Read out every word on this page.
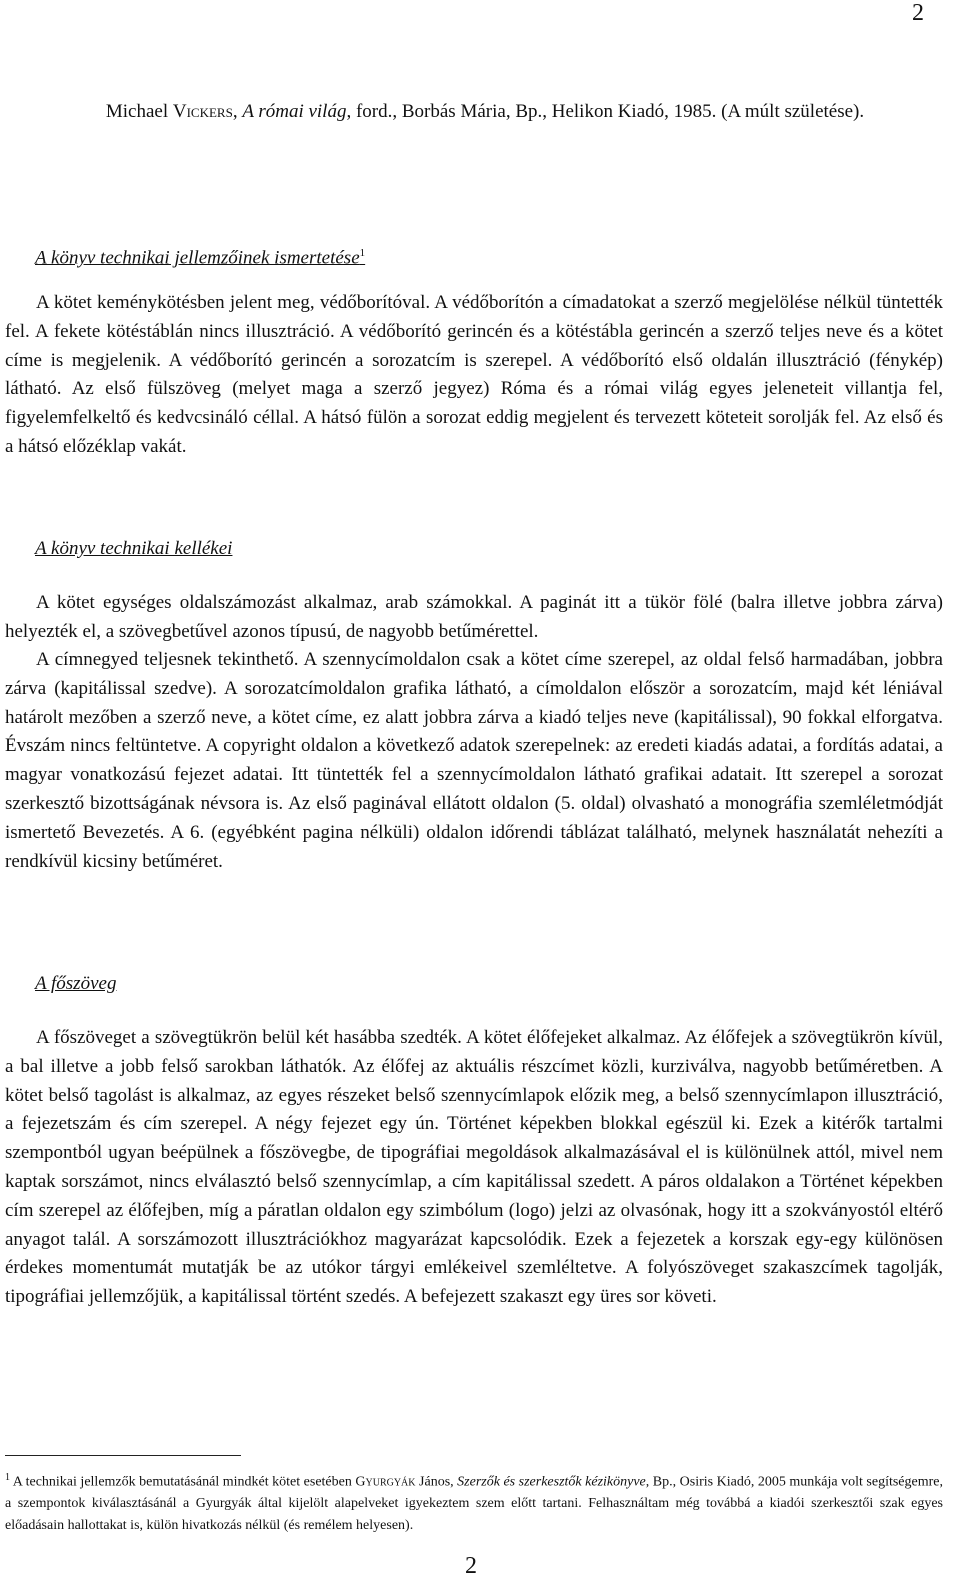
2
Michael Vickers, A római világ, ford., Borbás Mária, Bp., Helikon Kiadó, 1985. (A múlt születése).
A könyv technikai jellemzőinek ismertetése$^1$

A kötet keménykötésben jelent meg, védőborítóval. A védőborítón a címadatokat a szerző megjelölése nélkül tüntették fel. A fekete kötéstáblán nincs illusztráció. A védőborító gerincén és a kötéstábla gerincén a szerző teljes neve és a kötet címe is megjelenik. A védőborító gerincén a sorozatcím is szerepel. A védőborító első oldalán illusztráció (fénykép) látható. Az első fülszöveg (melyet maga a szerző jegyez) Róma és a római világ egyes jeleneteit villantja fel, figyelemfelkeltő és kedvcsináló céllal. A hátsó fülön a sorozat eddig megjelent és tervezett köteteit sorolják fel. Az első és a hátsó előzéklap vakát.

A könyv technikai kellékei

A kötet egységes oldalszámozást alkalmaz, arab számokkal. A paginát itt a tükör fölé (balra illetve jobbra zárva) helyezték el, a szövegbetűvel azonos típusú, de nagyobb betűmérettel.

A címnegyed teljesnek tekinthető. A szennycímoldalon csak a kötet címe szerepel, az oldal felső harmadában, jobbra zárva (kapitálissal szedve). A sorozatcímoldalon grafika látható, a címoldalon először a sorozatcím, majd két léniával határolt mezőben a szerző neve, a kötet címe, ez alatt jobbra zárva a kiadó teljes neve (kapitálissal), 90 fokkal elforgatva. Évszám nincs feltüntetve. A copyright oldalon a következő adatok szerepelnek: az eredeti kiadás adatai, a fordítás adatai, a magyar vonatkozású fejezet adatai. Itt tüntették fel a szennycímoldalon látható grafikai adatait. Itt szerepel a sorozat szerkesztő bizottságának névsora is. Az első paginával ellátott oldalon (5. oldal) olvasható a monográfia szemléletmódját ismertető Bevezetés. A 6. (egyébként pagina nélküli) oldalon időrendi táblázat található, melynek használatát nehezíti a rendkívül kicsiny betűméret.

A főszöveg

A főszöveget a szövegtükrön belül két hasábba szedték. A kötet élőfejeket alkalmaz. Az élőfejek a szövegtükrön kívül, a bal illetve a jobb felső sarokban láthatók. Az élőfej az aktuális részcímet közli, kurziválva, nagyobb betűméretben. A kötet belső tagolást is alkalmaz, az egyes részeket belső szennycímlapok előzik meg, a belső szennycímlapon illusztráció, a fejezetszám és cím szerepel. A négy fejezet egy ún. Történet képekben blokkal egészül ki. Ezek a kitérők tartalmi szempontból ugyan beépülnek a főszövegbe, de tipográfiai megoldások alkalmazásával el is különülnek attól, mivel nem kaptak sorszámot, nincs elválasztó belső szennycímlap, a cím kapitálissal szedett. A páros oldalakon a Történet képekben cím szerepel az élőfejben, míg a páratlan oldalon egy szimbólum (logo) jelzi az olvasónak, hogy itt a szokványostól eltérő anyagot talál. A sorszámozott illusztrációkhoz magyarázat kapcsolódik. Ezek a fejezetek a korszak egy-egy különösen érdekes momentumát mutatják be az utókor tárgyi emlékeivel szemléltetve. A folyószöveget szakaszcímek tagolják, tipográfiai jellemzőjük, a kapitálissal történt szedés. A befejezett szakaszt egy üres sor követi.

$^1$ A technikai jellemzők bemutatásánál mindkét kötet esetében Gyurgyák János, Szerzők és szerkesztők kézikönyve, Bp., Osiris Kiadó, 2005 munkája volt segítségemre, a szempontok kiválasztásánál a Gyurgyák által kijelölt alapelveket igyekeztem szem előtt tartani. Felhasználtam még továbbá a kiadói szerkesztői szak egyes előadásain hallottakat is, külön hivatkozás nélkül (és remélem helyesen).
2
